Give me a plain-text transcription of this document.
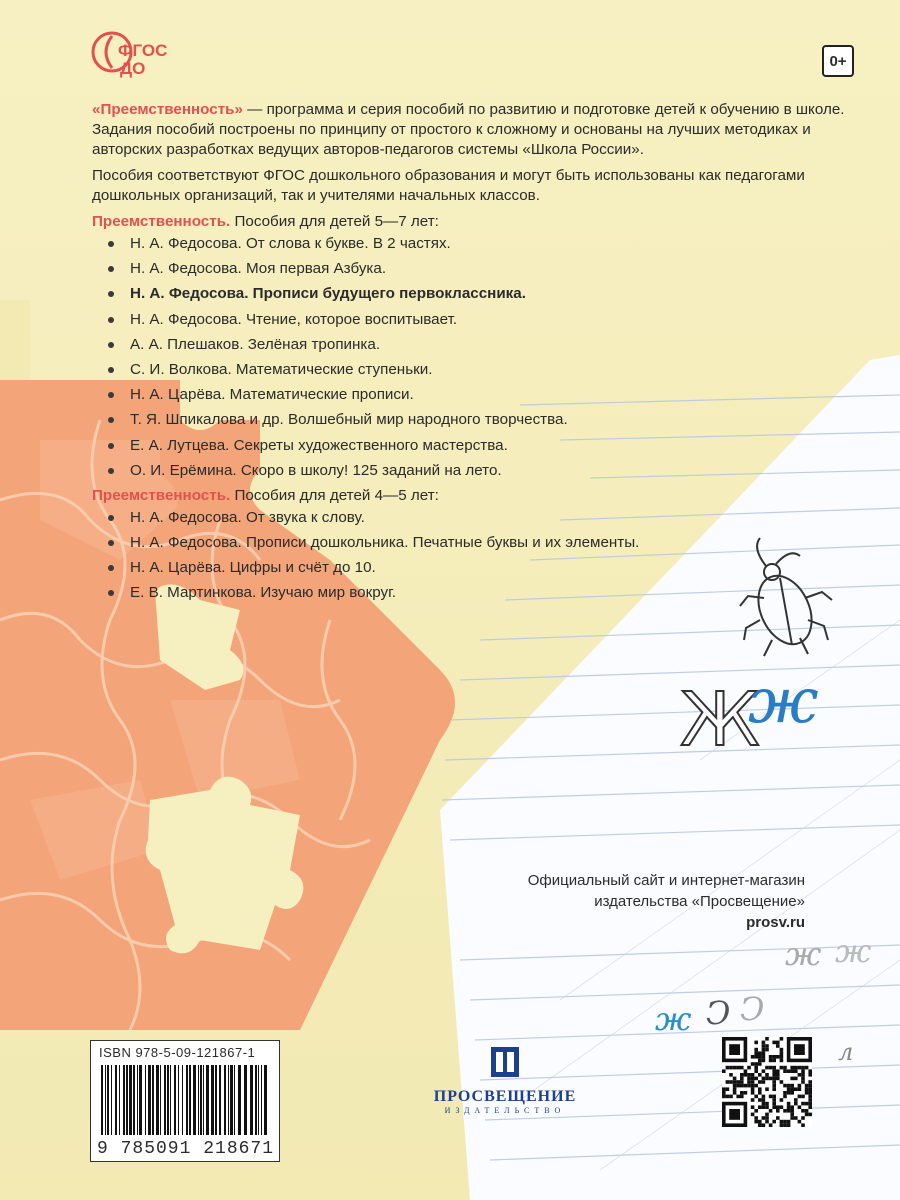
ФГОС
ДО	0+

«Преемственность» — программа и серия пособий по развитию и подготовке детей к обучению в школе. Задания пособий построены по принципу от простого к сложному и основаны на лучших методиках и авторских разработках ведущих авторов-педагогов системы «Школа России».

Пособия соответствуют ФГОС дошкольного образования и могут быть использованы как педагогами дошкольных организаций, так и учителями начальных классов.

Преемственность. Пособия для детей 5—7 лет:
Н. А. Федосова. От слова к букве. В 2 частях.
Н. А. Федосова. Моя первая Азбука.
Н. А. Федосова. Прописи будущего первоклассника.
Н. А. Федосова. Чтение, которое воспитывает.
А. А. Плешаков. Зелёная тропинка.
С. И. Волкова. Математические ступеньки.
Н. А. Царёва. Математические прописи.
Т. Я. Шпикалова и др. Волшебный мир народного творчества.
Е. А. Лутцева. Секреты художественного мастерства.
О. И. Ерёмина. Скоро в школу! 125 заданий на лето.
Преемственность. Пособия для детей 4—5 лет:
Н. А. Федосова. От звука к слову.
Н. А. Федосова. Прописи дошкольника. Печатные буквы и их элементы.
Н. А. Царёва. Цифры и счёт до 10.
Е. В. Мартинкова. Изучаю мир вокруг.
Ж
ж
ж Ͻ Ͻ
ж ж
л
Официальный сайт и интернет-магазин
издательства «Просвещение»
prosv.ru
ISBN 978-5-09-121867-1
9 785091 218671
ПРОСВЕЩЕНИЕ
ИЗДАТЕЛЬСТВО
